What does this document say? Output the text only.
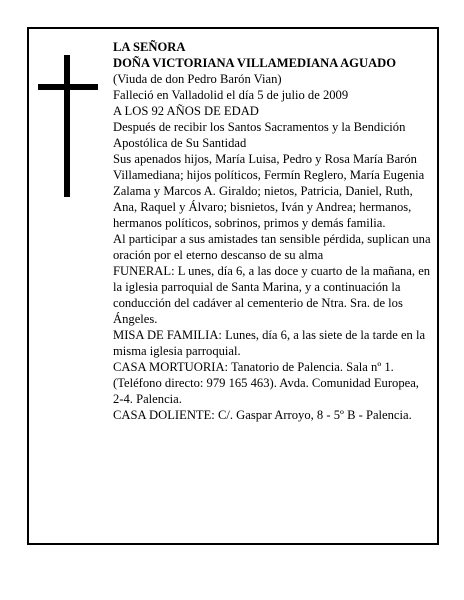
LA SEÑORA

DOÑA VICTORIANA VILLAMEDIANA AGUADO

(Viuda de don Pedro Barón Vian)

Falleció en Valladolid el día 5 de julio de 2009

A LOS 92 AÑOS DE EDAD

Después de recibir los Santos Sacramentos y la Bendición Apostólica de Su Santidad

Sus apenados hijos, María Luisa, Pedro y Rosa María Barón Villamediana; hijos políticos, Fermín Reglero, María Eugenia Zalama y Marcos A. Giraldo; nietos, Patricia, Daniel, Ruth, Ana, Raquel y Álvaro; bisnietos, Iván y Andrea; hermanos, hermanos políticos, sobrinos, primos y demás familia.

Al participar a sus amistades tan sensible pérdida, suplican una oración por el eterno descanso de su alma

FUNERAL: L unes, día 6, a las doce y cuarto de la mañana, en la iglesia parroquial de Santa Marina, y a continuación la conducción del cadáver al cementerio de Ntra. Sra. de los Ángeles.

MISA DE FAMILIA: Lunes, día 6, a las siete de la tarde en la misma iglesia parroquial.

CASA MORTUORIA: Tanatorio de Palencia. Sala nº 1. (Teléfono directo: 979 165 463). Avda. Comunidad Europea, 2-4. Palencia.

CASA DOLIENTE: C/. Gaspar Arroyo, 8 - 5º B - Palencia.
